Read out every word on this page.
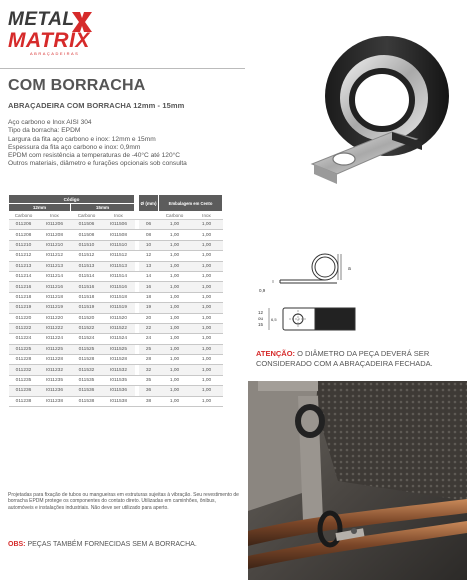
METAL
MATRIX
ABRAÇADEIRAS
COM BORRACHA
ABRAÇADEIRA COM BORRACHA 12mm - 15mm
Aço carbono e Inox AISI 304
Tipo da borracha: EPDM
Largura da fita aço carbono e inox: 12mm e 15mm
Espessura da fita aço carbono e inox: 0,9mm
EPDM com resistência a temperaturas de -40°C até 120°C
Outros materiais, diâmetro e furações opcionais sob consulta
Código					Ø (mm)	Embalagem em Cento	
12mm		15mm					
Carbono	Inox	Carbono	Inox			Carbono	Inox
011206	I011206	011506	I011506		06	1,00	1,00
011208	I011208	011508	I011508		08	1,00	1,00
011210	I011210	011510	I011510		10	1,00	1,00
011212	I011212	011512	I011512		12	1,00	1,00
011213	I011213	011513	I011513		13	1,00	1,00
011214	I011214	011514	I011514		14	1,00	1,00
011216	I011216	011516	I011516		16	1,00	1,00
011218	I011218	011518	I011518		18	1,00	1,00
011219	I011219	011519	I011519		19	1,00	1,00
011220	I011220	011520	I011520		20	1,00	1,00
011222	I011222	011522	I011522		22	1,00	1,00
011224	I011224	011524	I011524		24	1,00	1,00
011225	I011225	011525	I011525		25	1,00	1,00
011228	I011228	011528	I011528		28	1,00	1,00
011232	I011232	011532	I011532		32	1,00	1,00
011235	I011235	011535	I011535		35	1,00	1,00
011236	I011236	011536	I011536		36	1,00	1,00
011238	I011238	011538	I011538		38	1,00	1,00
a
0,9
12
ou
15
6,5
ATENÇÃO: O DIÂMETRO DA PEÇA DEVERÁ SER CONSIDERADO COM A ABRAÇADEIRA FECHADA.
Projetadas para fixação de tubos ou mangueiras em estruturas sujeitas à vibração. Seu revestimento de borracha EPDM protege os componentes do contato direto. Utilizadas em caminhões, ônibus, automóveis e instalações industriais. Não deve ser utilizado para aperto.
OBS: PEÇAS TAMBÉM FORNECIDAS SEM A BORRACHA.
